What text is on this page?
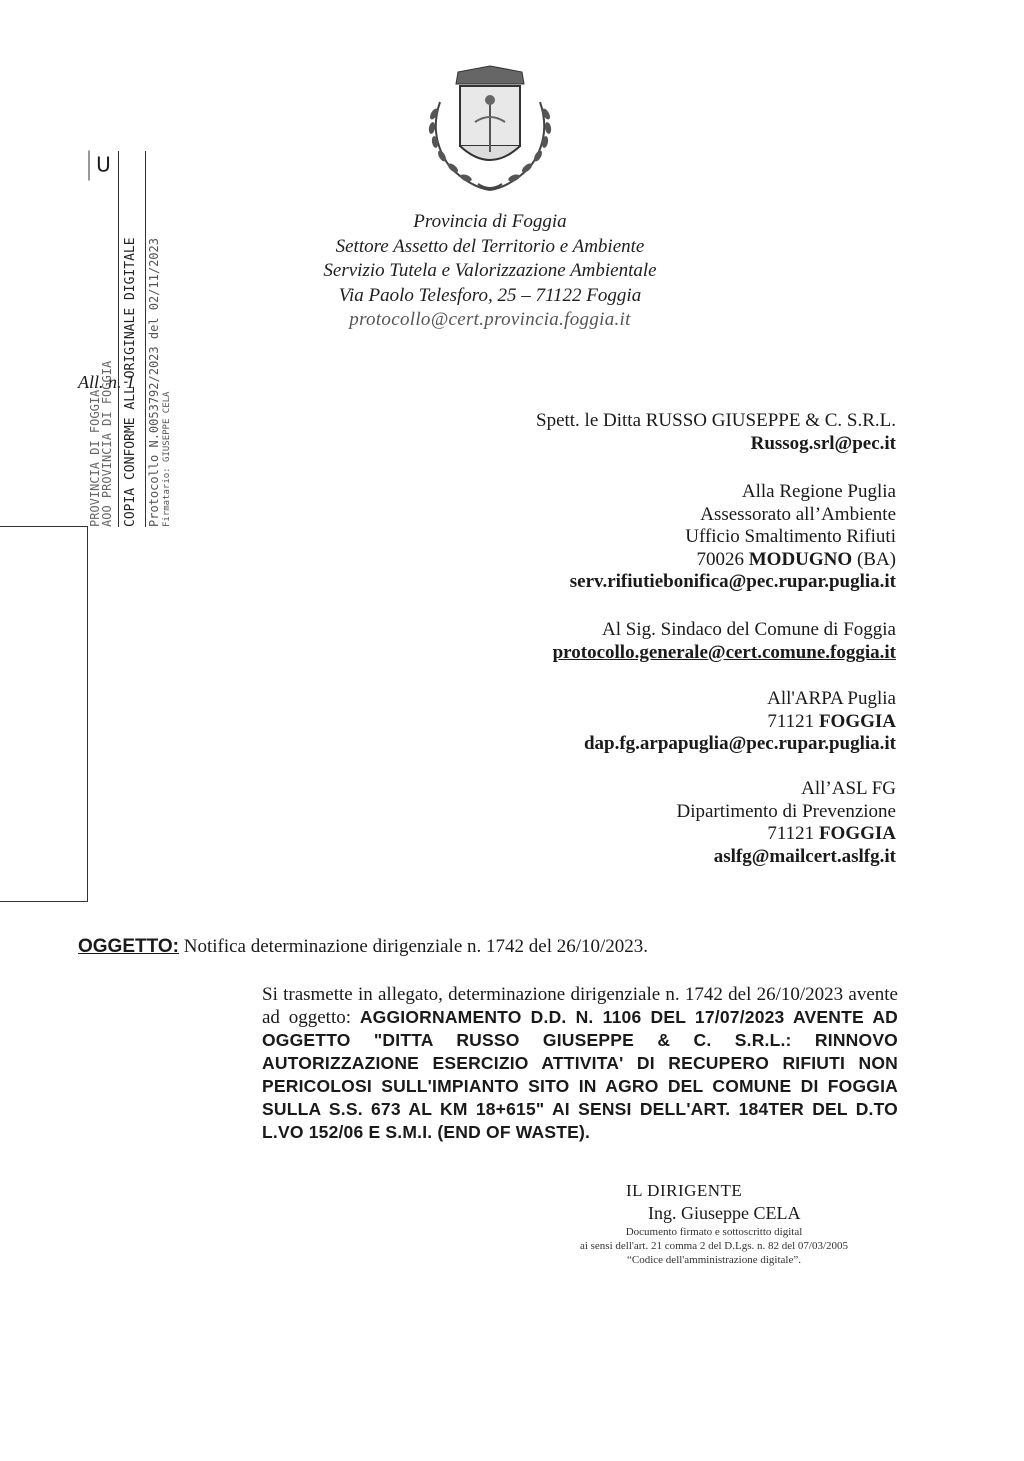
Provincia di Foggia
Settore Assetto del Territorio e Ambiente
Servizio Tutela e Valorizzazione Ambientale
Via Paolo Telesforo, 25 – 71122 Foggia
protocollo@cert.provincia.foggia.it
All. n. 1
Spett. le Ditta RUSSO GIUSEPPE & C. S.R.L.
Russog.srl@pec.it
Alla Regione Puglia
Assessorato all’Ambiente
Ufficio Smaltimento Rifiuti
70026 MODUGNO (BA)
serv.rifiutiebonifica@pec.rupar.puglia.it
Al Sig. Sindaco del Comune di Foggia
protocollo.generale@cert.comune.foggia.it
All'ARPA Puglia
71121 FOGGIA
dap.fg.arpapuglia@pec.rupar.puglia.it
All’ASL FG
Dipartimento di Prevenzione
71121 FOGGIA
aslfg@mailcert.aslfg.it
PROVINCIA DI FOGGIA
AOO PROVINCIA DI FOGGIA COPIA CONFORME ALL'ORIGINALE DIGITALE Protocollo N.0053792/2023 del 02/11/2023 Firmatario: GIUSEPPE CELA
U
OGGETTO: Notifica determinazione dirigenziale n. 1742 del 26/10/2023.
Si trasmette in allegato, determinazione dirigenziale n. 1742 del 26/10/2023 avente ad oggetto: AGGIORNAMENTO D.D. N. 1106 DEL 17/07/2023 AVENTE AD OGGETTO "DITTA RUSSO GIUSEPPE & C. S.R.L.: RINNOVO AUTORIZZAZIONE ESERCIZIO ATTIVITA' DI RECUPERO RIFIUTI NON PERICOLOSI SULL'IMPIANTO SITO IN AGRO DEL COMUNE DI FOGGIA SULLA S.S. 673 AL KM 18+615" AI SENSI DELL'ART. 184TER DEL D.TO L.VO 152/06 E S.M.I. (END OF WASTE).
IL DIRIGENTE
Ing. Giuseppe CELA
Documento firmato e sottoscritto digital
ai sensi dell'art. 21 comma 2 del D.Lgs. n. 82 del 07/03/2005
“Codice dell'amministrazione digitale”.
